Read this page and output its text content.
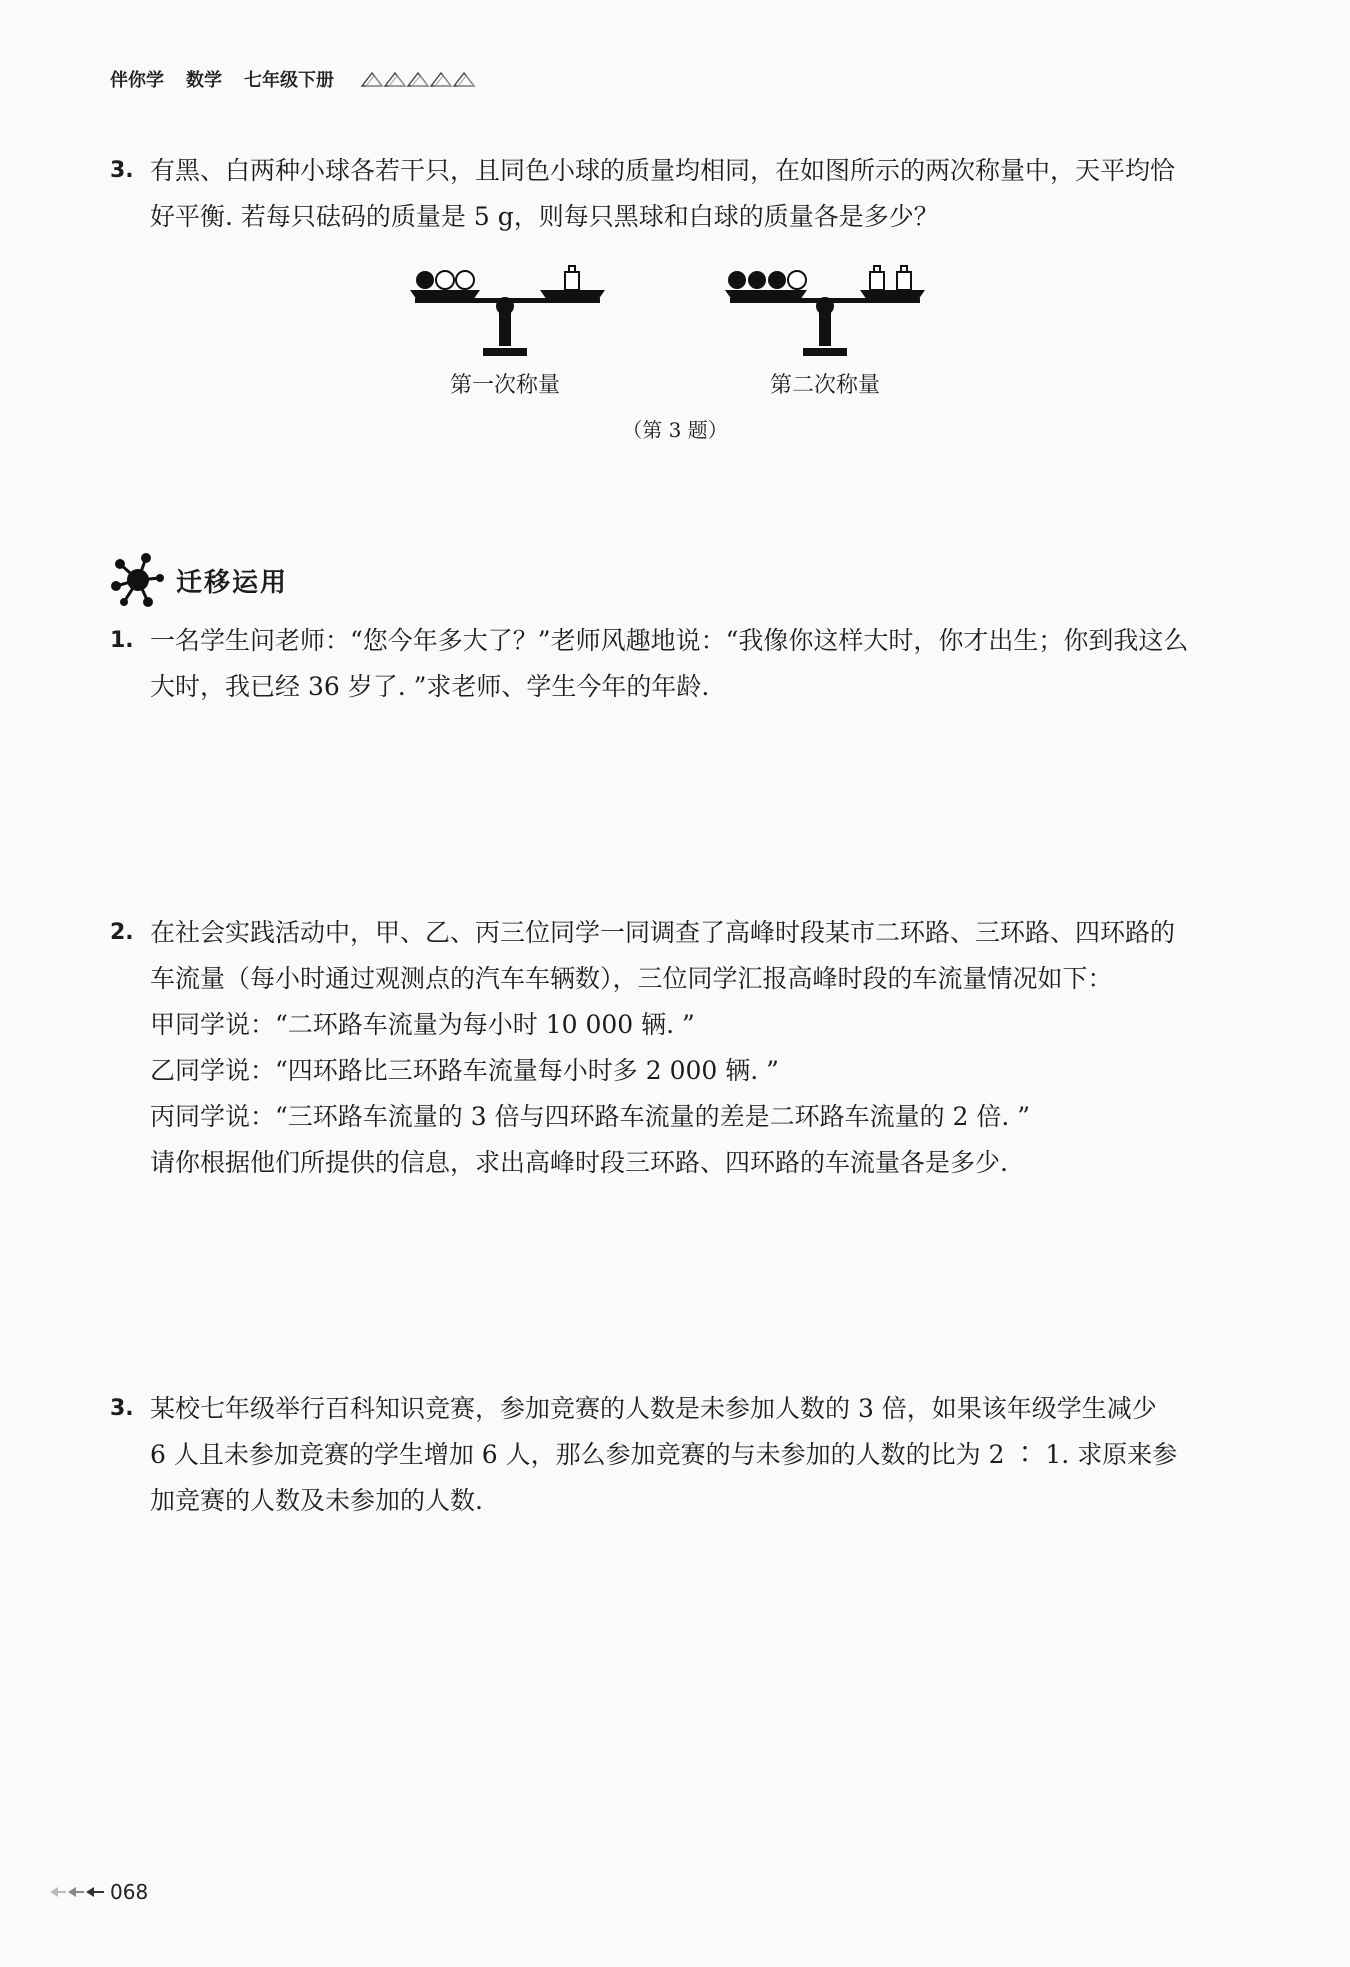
伴你学 数学 七年级下册
3. 有黑、白两种小球各若干只，且同色小球的质量均相同，在如图所示的两次称量中，天平均恰
好平衡. 若每只砝码的质量是 5 g，则每只黑球和白球的质量各是多少？
第一次称量	第二次称量
（第 3 题）
迁移运用
1. 一名学生问老师：“您今年多大了？”老师风趣地说：“我像你这样大时，你才出生；你到我这么
大时，我已经 36 岁了. ”求老师、学生今年的年龄.
2. 在社会实践活动中，甲、乙、丙三位同学一同调查了高峰时段某市二环路、三环路、四环路的
车流量（每小时通过观测点的汽车车辆数），三位同学汇报高峰时段的车流量情况如下：
甲同学说：“二环路车流量为每小时 10 000 辆. ”
乙同学说：“四环路比三环路车流量每小时多 2 000 辆. ”
丙同学说：“三环路车流量的 3 倍与四环路车流量的差是二环路车流量的 2 倍. ”
请你根据他们所提供的信息，求出高峰时段三环路、四环路的车流量各是多少.
3. 某校七年级举行百科知识竞赛，参加竞赛的人数是未参加人数的 3 倍，如果该年级学生减少
6 人且未参加竞赛的学生增加 6 人，那么参加竞赛的与未参加的人数的比为 2 ∶ 1. 求原来参
加竞赛的人数及未参加的人数.
068
